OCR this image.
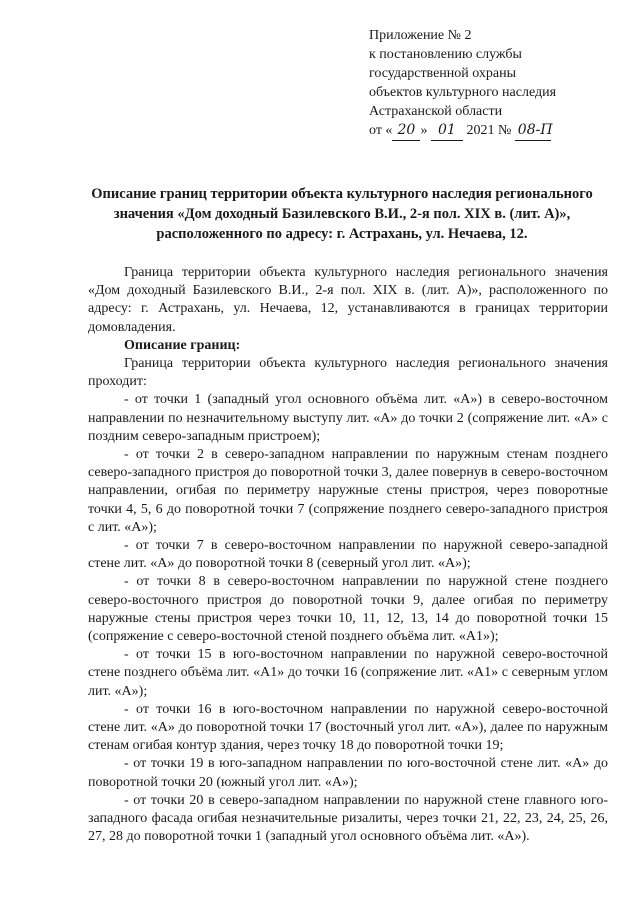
Приложение № 2
к постановлению службы
государственной охраны
объектов культурного наследия
Астраханской области
от « 20 » 01 2021 № 08-П
Описание границ территории объекта культурного наследия регионального значения «Дом доходный Базилевского В.И., 2-я пол. XIX в. (лит. А)», расположенного по адресу: г. Астрахань, ул. Нечаева, 12.

Граница территории объекта культурного наследия регионального значения «Дом доходный Базилевского В.И., 2-я пол. XIX в. (лит. А)», расположенного по адресу: г. Астрахань, ул. Нечаева, 12, устанавливаются в границах территории домовладения.

Описание границ:

Граница территории объекта культурного наследия регионального значения проходит:

- от точки 1 (западный угол основного объёма лит. «А») в северо-восточном направлении по незначительному выступу лит. «А» до точки 2 (сопряжение лит. «А» с поздним северо-западным пристроем);

- от точки 2 в северо-западном направлении по наружным стенам позднего северо-западного пристроя до поворотной точки 3, далее повернув в северо-восточном направлении, огибая по периметру наружные стены пристроя, через поворотные точки 4, 5, 6 до поворотной точки 7 (сопряжение позднего северо-западного пристроя с лит. «А»);

- от точки 7 в северо-восточном направлении по наружной северо-западной стене лит. «А» до поворотной точки 8 (северный угол лит. «А»);

- от точки 8 в северо-восточном направлении по наружной стене позднего северо-восточного пристроя до поворотной точки 9, далее огибая по периметру наружные стены пристроя через точки 10, 11, 12, 13, 14 до поворотной точки 15 (сопряжение с северо-восточной стеной позднего объёма лит. «А1»);

- от точки 15 в юго-восточном направлении по наружной северо-восточной стене позднего объёма лит. «А1» до точки 16 (сопряжение лит. «А1» с северным углом лит. «А»);

- от точки 16 в юго-восточном направлении по наружной северо-восточной стене лит. «А» до поворотной точки 17 (восточный угол лит. «А»), далее по наружным стенам огибая контур здания, через точку 18 до поворотной точки 19;

- от точки 19 в юго-западном направлении по юго-восточной стене лит. «А» до поворотной точки 20 (южный угол лит. «А»);

- от точки 20 в северо-западном направлении по наружной стене главного юго-западного фасада огибая незначительные ризалиты, через точки 21, 22, 23, 24, 25, 26, 27, 28 до поворотной точки 1 (западный угол основного объёма лит. «А»).
